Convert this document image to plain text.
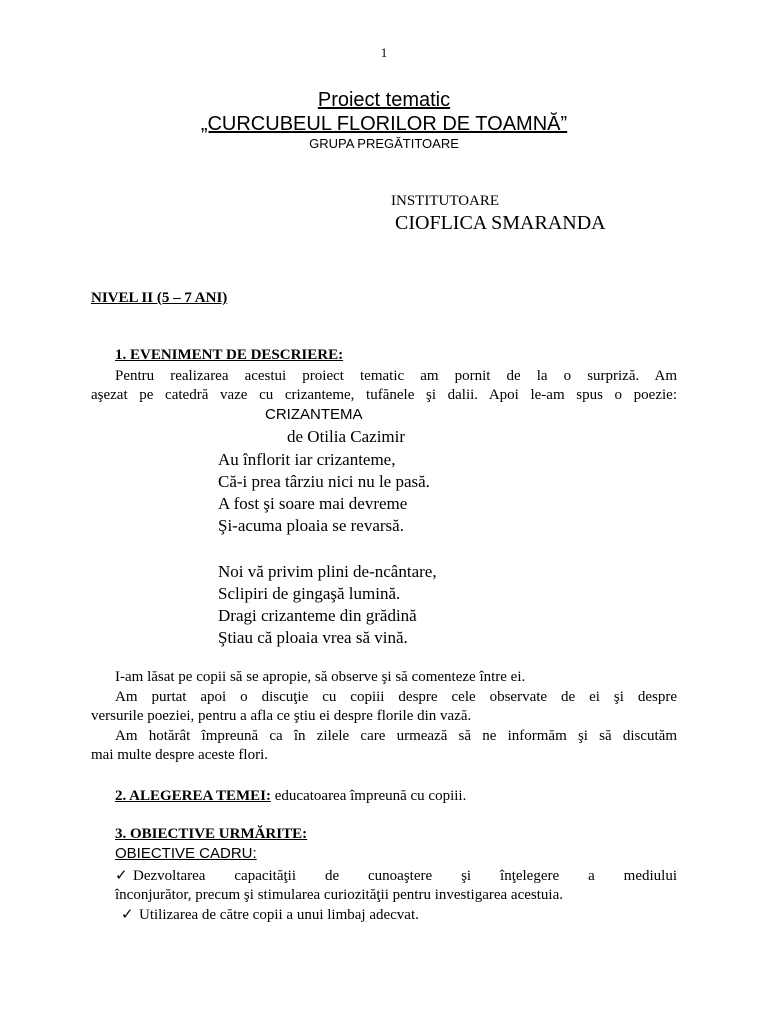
1
Proiect tematic
„CURCUBEUL FLORILOR DE TOAMNĂ”
GRUPA PREGĂTITOARE
INSTITUTOARE
CIOFLICA SMARANDA
NIVEL II (5 – 7 ANI)
1. EVENIMENT DE DESCRIERE:
Pentru realizarea acestui proiect tematic am pornit de la o surpriză. Am
aşezat pe catedră vaze cu crizanteme, tufănele şi dalii. Apoi le-am spus o poezie:
CRIZANTEMA
de Otilia Cazimir
Au înflorit iar crizanteme,
Că-i prea târziu nici nu le pasă.
A fost şi soare mai devreme
Şi-acuma ploaia se revarsă.
Noi vă privim plini de-ncântare,
Sclipiri de gingaşă lumină.
Dragi crizanteme din grădină
Ştiau că ploaia vrea să vină.
I-am lăsat pe copii să se apropie, să observe şi să comenteze între ei.
Am purtat apoi o discuţie cu copiii despre cele observate de ei şi despre
versurile poeziei, pentru a afla ce ştiu ei despre florile din vază.
Am hotărât împreună ca în zilele care urmează să ne informăm şi să discutăm
mai multe despre aceste flori.
2. ALEGEREA TEMEI: educatoarea împreună cu copiii.
3. OBIECTIVE URMĂRITE:
OBIECTIVE CADRU:
✓ Dezvoltarea capacităţii de cunoaştere şi înţelegere a mediului
înconjurător, precum şi stimularea curiozităţii pentru investigarea acestuia.
✓ Utilizarea de către copii a unui limbaj adecvat.
